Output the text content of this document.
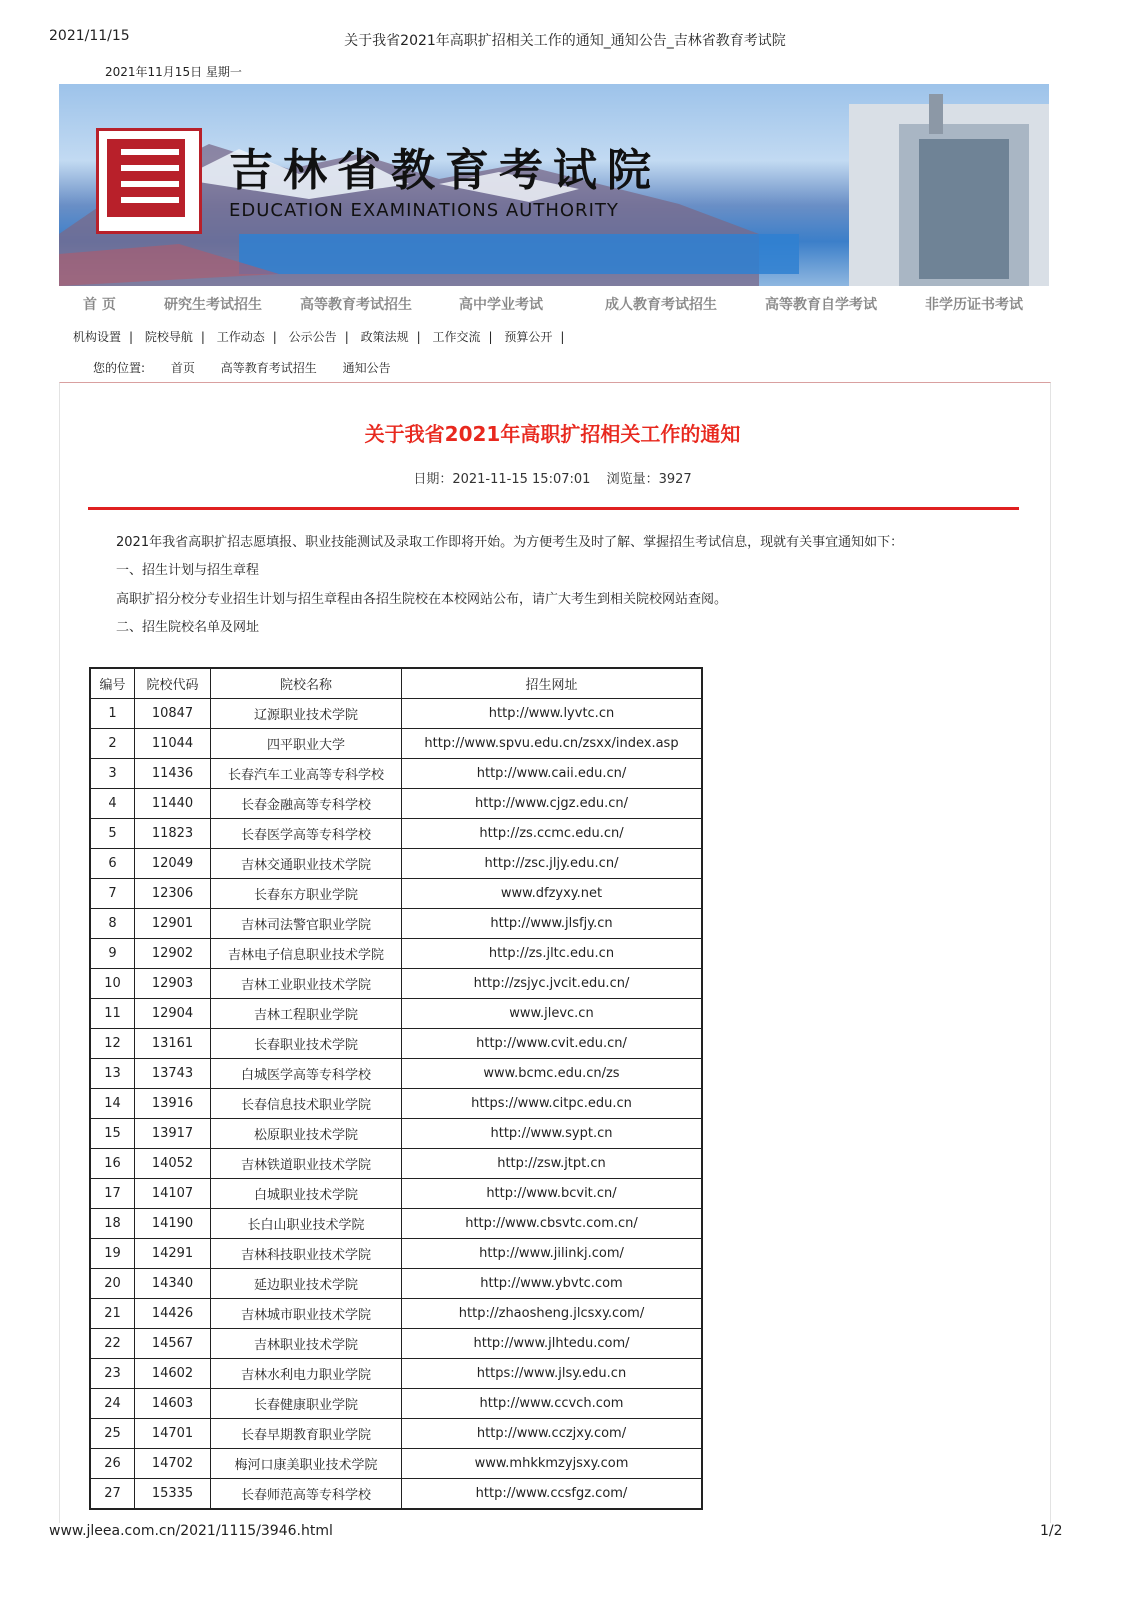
2021/11/15	关于我省2021年高职扩招相关工作的通知_通知公告_吉林省教育考试院
2021年11月15日 星期一
吉林省教育考试院
EDUCATION EXAMINATIONS AUTHORITY
首 页	研究生考试招生	高等教育考试招生	高中学业考试	成人教育考试招生	高等教育自学考试	非学历证书考试
机构设置 | 院校导航 | 工作动态 | 公示公告 | 政策法规 | 工作交流 | 预算公开 |
您的位置: 首页 高等教育考试招生 通知公告
关于我省2021年高职扩招相关工作的通知
日期：2021-11-15 15:07:01 浏览量：3927
2021年我省高职扩招志愿填报、职业技能测试及录取工作即将开始。为方便考生及时了解、掌握招生考试信息，现就有关事宜通知如下：
一、招生计划与招生章程
高职扩招分校分专业招生计划与招生章程由各招生院校在本校网站公布，请广大考生到相关院校网站查阅。
二、招生院校名单及网址
编号	院校代码	院校名称	招生网址
1	10847	辽源职业技术学院	http://www.lyvtc.cn
2	11044	四平职业大学	http://www.spvu.edu.cn/zsxx/index.asp
3	11436	长春汽车工业高等专科学校	http://www.caii.edu.cn/
4	11440	长春金融高等专科学校	http://www.cjgz.edu.cn/
5	11823	长春医学高等专科学校	http://zs.ccmc.edu.cn/
6	12049	吉林交通职业技术学院	http://zsc.jljy.edu.cn/
7	12306	长春东方职业学院	www.dfzyxy.net
8	12901	吉林司法警官职业学院	http://www.jlsfjy.cn
9	12902	吉林电子信息职业技术学院	http://zs.jltc.edu.cn
10	12903	吉林工业职业技术学院	http://zsjyc.jvcit.edu.cn/
11	12904	吉林工程职业学院	www.jlevc.cn
12	13161	长春职业技术学院	http://www.cvit.edu.cn/
13	13743	白城医学高等专科学校	www.bcmc.edu.cn/zs
14	13916	长春信息技术职业学院	https://www.citpc.edu.cn
15	13917	松原职业技术学院	http://www.sypt.cn
16	14052	吉林铁道职业技术学院	http://zsw.jtpt.cn
17	14107	白城职业技术学院	http://www.bcvit.cn/
18	14190	长白山职业技术学院	http://www.cbsvtc.com.cn/
19	14291	吉林科技职业技术学院	http://www.jilinkj.com/
20	14340	延边职业技术学院	http://www.ybvtc.com
21	14426	吉林城市职业技术学院	http://zhaosheng.jlcsxy.com/
22	14567	吉林职业技术学院	http://www.jlhtedu.com/
23	14602	吉林水利电力职业学院	https://www.jlsy.edu.cn
24	14603	长春健康职业学院	http://www.ccvch.com
25	14701	长春早期教育职业学院	http://www.cczjxy.com/
26	14702	梅河口康美职业技术学院	www.mhkkmzyjsxy.com
27	15335	长春师范高等专科学校	http://www.ccsfgz.com/
www.jleea.com.cn/2021/1115/3946.html	1/2
